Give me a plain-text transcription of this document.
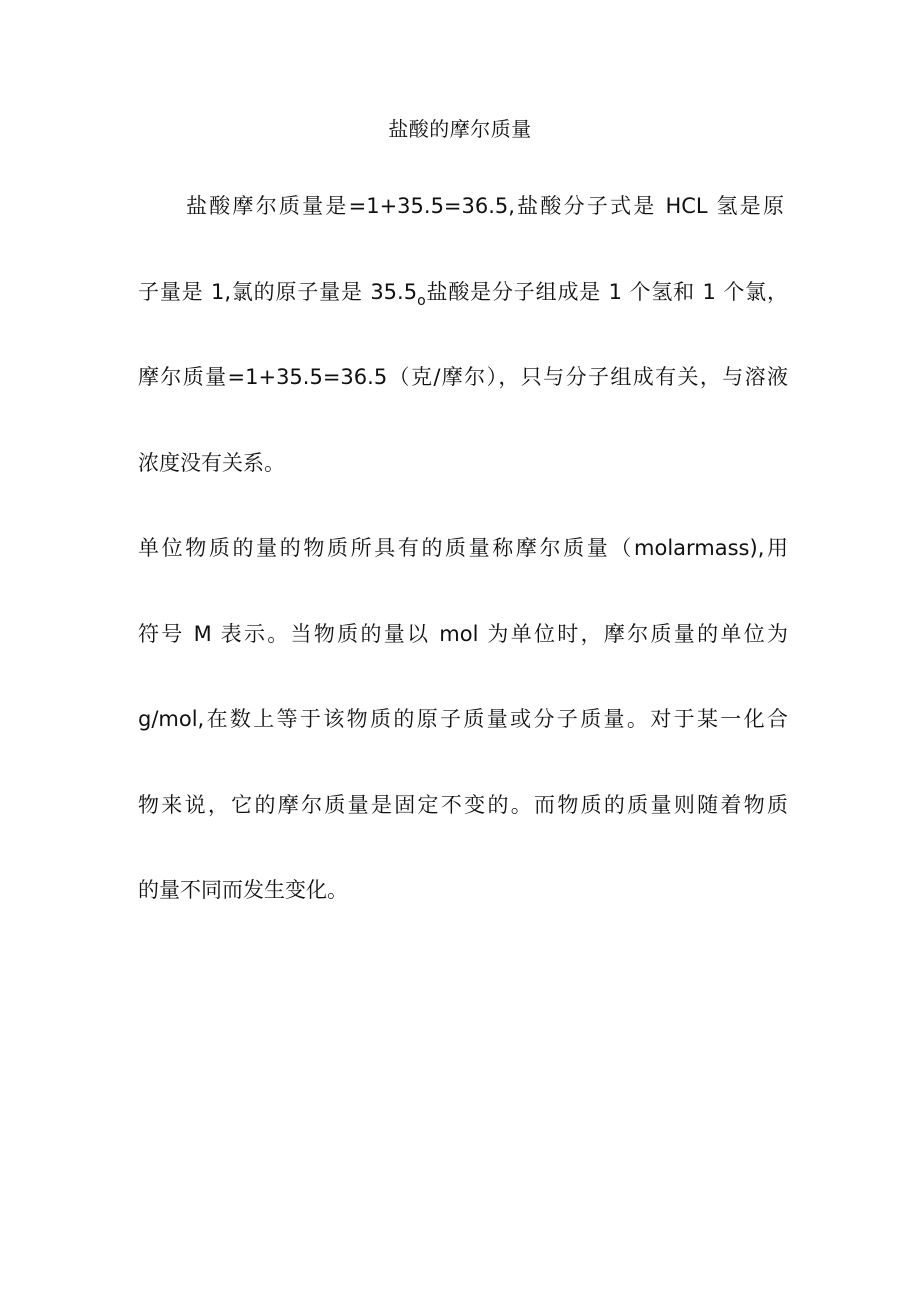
盐酸的摩尔质量
盐酸摩尔质量是=1+35.5=36.5,盐酸分子式是 HCL 氢是原
子量是 1,氯的原子量是 $35.5_o$盐酸是分子组成是 1 个氢和 1 个氯，
摩尔质量=1+35.5=36.5（克/摩尔），只与分子组成有关，与溶液
浓度没有关系。
单位物质的量的物质所具有的质量称摩尔质量（molarmass),用
符号 M 表示。当物质的量以 mol 为单位时，摩尔质量的单位为
g/mol,在数上等于该物质的原子质量或分子质量。对于某一化合
物来说，它的摩尔质量是固定不变的。而物质的质量则随着物质
的量不同而发生变化。
